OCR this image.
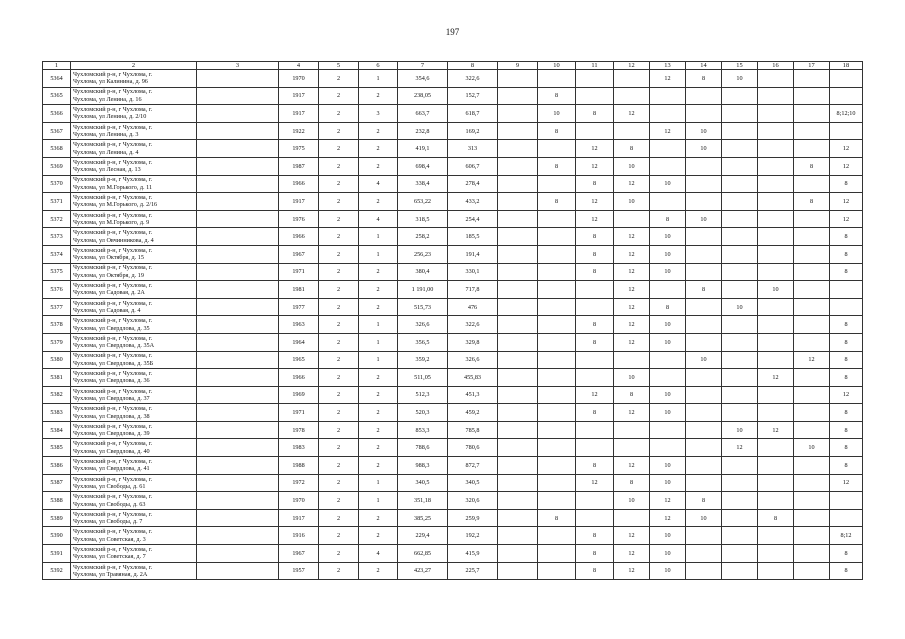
197
1	2	3	4	5	6	7	8	9	10	11	12	13	14	15	16	17	18
5364	Чухломский р-н, г Чухлома, г.
Чухлома, ул Калинина, д. 96		1970	2	1	354,6	322,6					12	8	10			
5365	Чухломский р-н, г Чухлома, г.
Чухлома, ул Ленина, д. 16		1917	2	2	238,05	152,7		8								
5366	Чухломский р-н, г Чухлома, г.
Чухлома, ул Ленина, д. 2/10		1917	2	3	663,7	618,7		10	8	12						8;12;10
5367	Чухломский р-н, г Чухлома, г.
Чухлома, ул Ленина, д. 3		1922	2	2	232,8	169,2		8			12	10				
5368	Чухломский р-н, г Чухлома, г.
Чухлома, ул Ленина, д. 4		1975	2	2	419,1	313			12	8		10				12
5369	Чухломский р-н, г Чухлома, г.
Чухлома, ул Лесная, д. 13		1987	2	2	698,4	606,7		8	12	10					8	12
5370	Чухломский р-н, г Чухлома, г.
Чухлома, ул М.Горького, д. 11		1966	2	4	338,4	278,4			8	12	10					8
5371	Чухломский р-н, г Чухлома, г.
Чухлома, ул М.Горького, д. 2/16		1917	2	2	653,22	433,2		8	12	10					8	12
5372	Чухломский р-н, г Чухлома, г.
Чухлома, ул М.Горького, д. 9		1976	2	4	318,5	254,4			12		8	10				12
5373	Чухломский р-н, г Чухлома, г.
Чухлома, ул Овчинникова, д. 4		1966	2	1	258,2	185,5			8	12	10					8
5374	Чухломский р-н, г Чухлома, г.
Чухлома, ул Октября, д. 15		1967	2	1	256,23	191,4			8	12	10					8
5375	Чухломский р-н, г Чухлома, г.
Чухлома, ул Октября, д. 19		1971	2	2	380,4	330,1			8	12	10					8
5376	Чухломский р-н, г Чухлома, г.
Чухлома, ул Садовая, д. 2А		1981	2	2	1 191,00	717,8				12		8		10		
5377	Чухломский р-н, г Чухлома, г.
Чухлома, ул Садовая, д. 4		1977	2	2	515,73	476				12	8		10			
5378	Чухломский р-н, г Чухлома, г.
Чухлома, ул Свердлова, д. 35		1963	2	1	326,6	322,6			8	12	10					8
5379	Чухломский р-н, г Чухлома, г.
Чухлома, ул Свердлова, д. 35А		1964	2	1	356,5	329,8			8	12	10					8
5380	Чухломский р-н, г Чухлома, г.
Чухлома, ул Свердлова, д. 35Б		1965	2	1	359,2	326,6						10			12	8
5381	Чухломский р-н, г Чухлома, г.
Чухлома, ул Свердлова, д. 36		1966	2	2	511,05	455,83				10				12		8
5382	Чухломский р-н, г Чухлома, г.
Чухлома, ул Свердлова, д. 37		1969	2	2	512,3	451,3			12	8	10					12
5383	Чухломский р-н, г Чухлома, г.
Чухлома, ул Свердлова, д. 38		1971	2	2	520,3	459,2			8	12	10					8
5384	Чухломский р-н, г Чухлома, г.
Чухлома, ул Свердлова, д. 39		1978	2	2	853,3	785,8							10	12		8
5385	Чухломский р-н, г Чухлома, г.
Чухлома, ул Свердлова, д. 40		1983	2	2	788,6	780,6							12		10	8
5386	Чухломский р-н, г Чухлома, г.
Чухлома, ул Свердлова, д. 41		1988	2	2	988,3	872,7			8	12	10					8
5387	Чухломский р-н, г Чухлома, г.
Чухлома, ул Свободы, д. 61		1972	2	1	340,5	340,5			12	8	10					12
5388	Чухломский р-н, г Чухлома, г.
Чухлома, ул Свободы, д. 63		1970	2	1	351,18	320,6				10	12	8				
5389	Чухломский р-н, г Чухлома, г.
Чухлома, ул Свободы, д. 7		1917	2	2	385,25	259,9		8			12	10		8		
5390	Чухломский р-н, г Чухлома, г.
Чухлома, ул Советская, д. 3		1916	2	2	229,4	192,2			8	12	10					8;12
5391	Чухломский р-н, г Чухлома, г.
Чухлома, ул Советская, д. 7		1967	2	4	662,85	415,9			8	12	10					8
5392	Чухломский р-н, г Чухлома, г.
Чухлома, ул Травяная, д. 2А		1957	2	2	423,27	225,7			8	12	10					8
